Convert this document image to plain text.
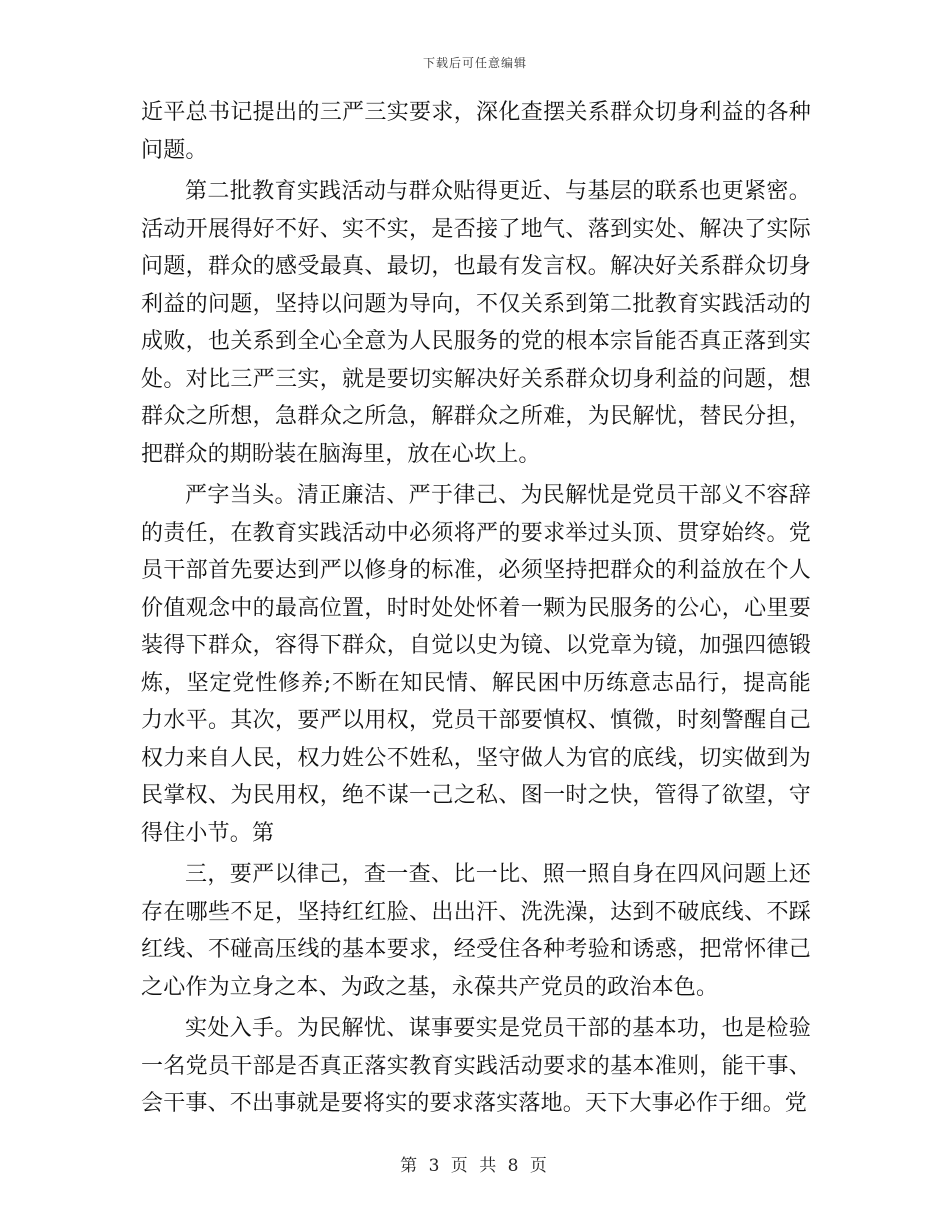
下载后可任意编辑

近平总书记提出的三严三实要求，深化查摆关系群众切身利益的各种问题。

第二批教育实践活动与群众贴得更近、与基层的联系也更紧密。活动开展得好不好、实不实，是否接了地气、落到实处、解决了实际问题，群众的感受最真、最切，也最有发言权。解决好关系群众切身利益的问题，坚持以问题为导向，不仅关系到第二批教育实践活动的成败，也关系到全心全意为人民服务的党的根本宗旨能否真正落到实处。对比三严三实，就是要切实解决好关系群众切身利益的问题，想群众之所想，急群众之所急，解群众之所难，为民解忧，替民分担，把群众的期盼装在脑海里，放在心坎上。

严字当头。清正廉洁、严于律己、为民解忧是党员干部义不容辞的责任，在教育实践活动中必须将严的要求举过头顶、贯穿始终。党员干部首先要达到严以修身的标准，必须坚持把群众的利益放在个人价值观念中的最高位置，时时处处怀着一颗为民服务的公心，心里要装得下群众，容得下群众，自觉以史为镜、以党章为镜，加强四德锻炼，坚定党性修养;不断在知民情、解民困中历练意志品行，提高能力水平。其次，要严以用权，党员干部要慎权、慎微，时刻警醒自己权力来自人民，权力姓公不姓私，坚守做人为官的底线，切实做到为民掌权、为民用权，绝不谋一己之私、图一时之快，管得了欲望，守得住小节。第

三，要严以律己，查一查、比一比、照一照自身在四风问题上还存在哪些不足，坚持红红脸、出出汗、洗洗澡，达到不破底线、不踩红线、不碰高压线的基本要求，经受住各种考验和诱惑，把常怀律己之心作为立身之本、为政之基，永葆共产党员的政治本色。

实处入手。为民解忧、谋事要实是党员干部的基本功，也是检验一名党员干部是否真正落实教育实践活动要求的基本准则，能干事、会干事、不出事就是要将实的要求落实落地。天下大事必作于细。党

第 3 页 共 8 页
